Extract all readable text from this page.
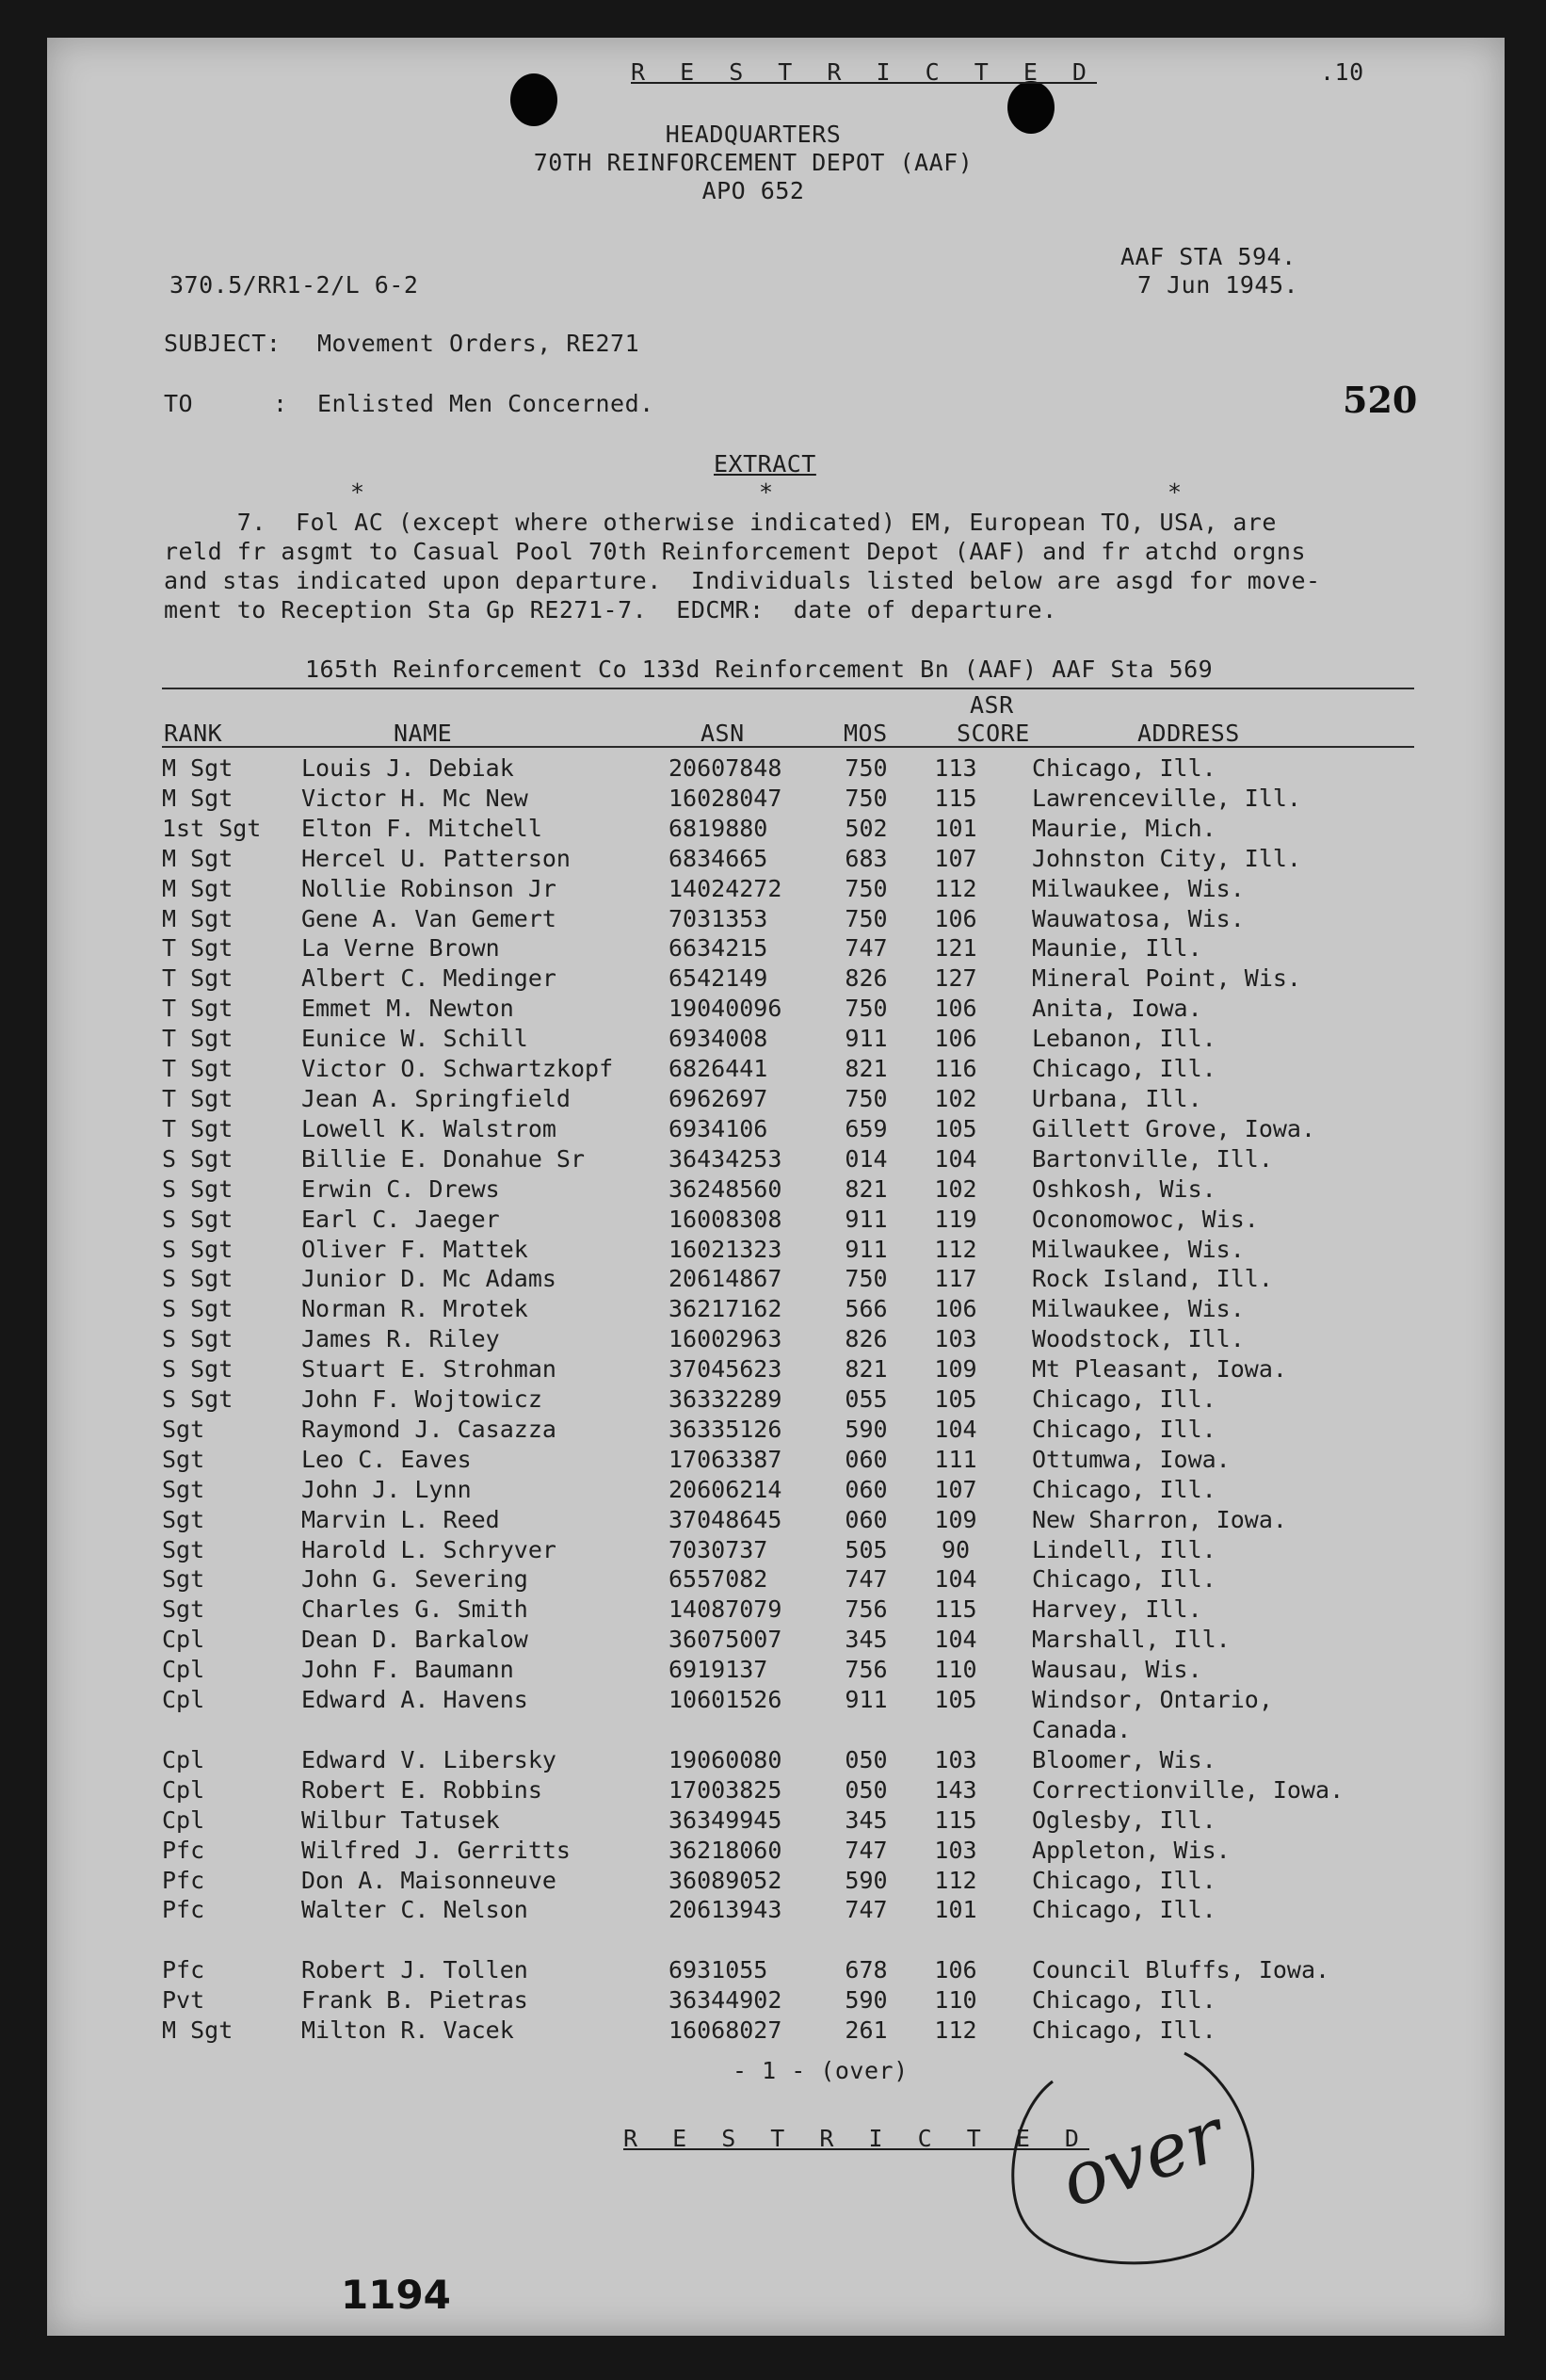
R E S T R I C T E D	.10
HEADQUARTERS
70TH REINFORCEMENT DEPOT (AAF)
APO 652
AAF STA 594.
7 Jun 1945.
370.5/RR1-2/L 6-2
SUBJECT: Movement Orders, RE271
TO	: Enlisted Men Concerned.	520
EXTRACT
*	*	*
7.  Fol AC (except where otherwise indicated) EM, European TO, USA, are
reld fr asgmt to Casual Pool 70th Reinforcement Depot (AAF) and fr atchd orgns
and stas indicated upon departure.  Individuals listed below are asgd for move-
ment to Reception Sta Gp RE271-7.  EDCMR:  date of departure.
165th Reinforcement Co 133d Reinforcement Bn (AAF) AAF Sta 569
ASR
RANK	NAME	ASN	MOS	SCORE	ADDRESS
M Sgt	Louis J. Debiak	20607848	750	113	Chicago, Ill.
M Sgt	Victor H. Mc New	16028047	750	115	Lawrenceville, Ill.
1st Sgt	Elton F. Mitchell	6819880	502	101	Maurie, Mich.
M Sgt	Hercel U. Patterson	6834665	683	107	Johnston City, Ill.
M Sgt	Nollie Robinson Jr	14024272	750	112	Milwaukee, Wis.
M Sgt	Gene A. Van Gemert	7031353	750	106	Wauwatosa, Wis.
T Sgt	La Verne Brown	6634215	747	121	Maunie, Ill.
T Sgt	Albert C. Medinger	6542149	826	127	Mineral Point, Wis.
T Sgt	Emmet M. Newton	19040096	750	106	Anita, Iowa.
T Sgt	Eunice W. Schill	6934008	911	106	Lebanon, Ill.
T Sgt	Victor O. Schwartzkopf	6826441	821	116	Chicago, Ill.
T Sgt	Jean A. Springfield	6962697	750	102	Urbana, Ill.
T Sgt	Lowell K. Walstrom	6934106	659	105	Gillett Grove, Iowa.
S Sgt	Billie E. Donahue Sr	36434253	014	104	Bartonville, Ill.
S Sgt	Erwin C. Drews	36248560	821	102	Oshkosh, Wis.
S Sgt	Earl C. Jaeger	16008308	911	119	Oconomowoc, Wis.
S Sgt	Oliver F. Mattek	16021323	911	112	Milwaukee, Wis.
S Sgt	Junior D. Mc Adams	20614867	750	117	Rock Island, Ill.
S Sgt	Norman R. Mrotek	36217162	566	106	Milwaukee, Wis.
S Sgt	James R. Riley	16002963	826	103	Woodstock, Ill.
S Sgt	Stuart E. Strohman	37045623	821	109	Mt Pleasant, Iowa.
S Sgt	John F. Wojtowicz	36332289	055	105	Chicago, Ill.
Sgt	Raymond J. Casazza	36335126	590	104	Chicago, Ill.
Sgt	Leo C. Eaves	17063387	060	111	Ottumwa, Iowa.
Sgt	John J. Lynn	20606214	060	107	Chicago, Ill.
Sgt	Marvin L. Reed	37048645	060	109	New Sharron, Iowa.
Sgt	Harold L. Schryver	7030737	505	90	Lindell, Ill.
Sgt	John G. Severing	6557082	747	104	Chicago, Ill.
Sgt	Charles G. Smith	14087079	756	115	Harvey, Ill.
Cpl	Dean D. Barkalow	36075007	345	104	Marshall, Ill.
Cpl	John F. Baumann	6919137	756	110	Wausau, Wis.
Cpl	Edward A. Havens	10601526	911	105	Windsor, Ontario,
					Canada.
Cpl	Edward V. Libersky	19060080	050	103	Bloomer, Wis.
Cpl	Robert E. Robbins	17003825	050	143	Correctionville, Iowa.
Cpl	Wilbur Tatusek	36349945	345	115	Oglesby, Ill.
Pfc	Wilfred J. Gerritts	36218060	747	103	Appleton, Wis.
Pfc	Don A. Maisonneuve	36089052	590	112	Chicago, Ill.
Pfc	Walter C. Nelson	20613943	747	101	Chicago, Ill.

Pfc	Robert J. Tollen	6931055	678	106	Council Bluffs, Iowa.
Pvt	Frank B. Pietras	36344902	590	110	Chicago, Ill.
M Sgt	Milton R. Vacek	16068027	261	112	Chicago, Ill.
- 1 - (over)
R E S T R I C T E D
over
1194
